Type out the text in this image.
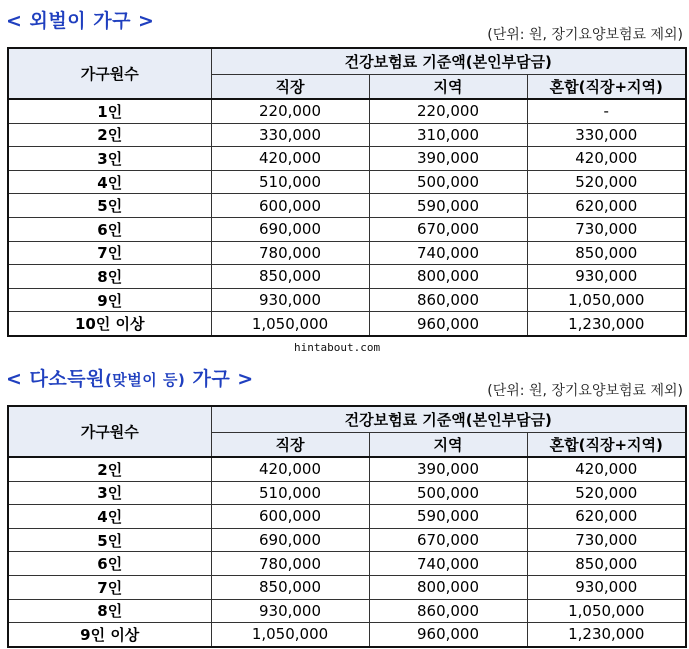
< 외벌이 가구 >
(단위: 원, 장기요양보험료 제외)
가구원수	건강보험료 기준액(본인부담금)		
	직장	지역	혼합(직장+지역)
1인	220,000	220,000	-
2인	330,000	310,000	330,000
3인	420,000	390,000	420,000
4인	510,000	500,000	520,000
5인	600,000	590,000	620,000
6인	690,000	670,000	730,000
7인	780,000	740,000	850,000
8인	850,000	800,000	930,000
9인	930,000	860,000	1,050,000
10인 이상	1,050,000	960,000	1,230,000
hintabout.com
< 다소득원(맞벌이 등) 가구 >
(단위: 원, 장기요양보험료 제외)
가구원수	건강보험료 기준액(본인부담금)		
	직장	지역	혼합(직장+지역)
2인	420,000	390,000	420,000
3인	510,000	500,000	520,000
4인	600,000	590,000	620,000
5인	690,000	670,000	730,000
6인	780,000	740,000	850,000
7인	850,000	800,000	930,000
8인	930,000	860,000	1,050,000
9인 이상	1,050,000	960,000	1,230,000
